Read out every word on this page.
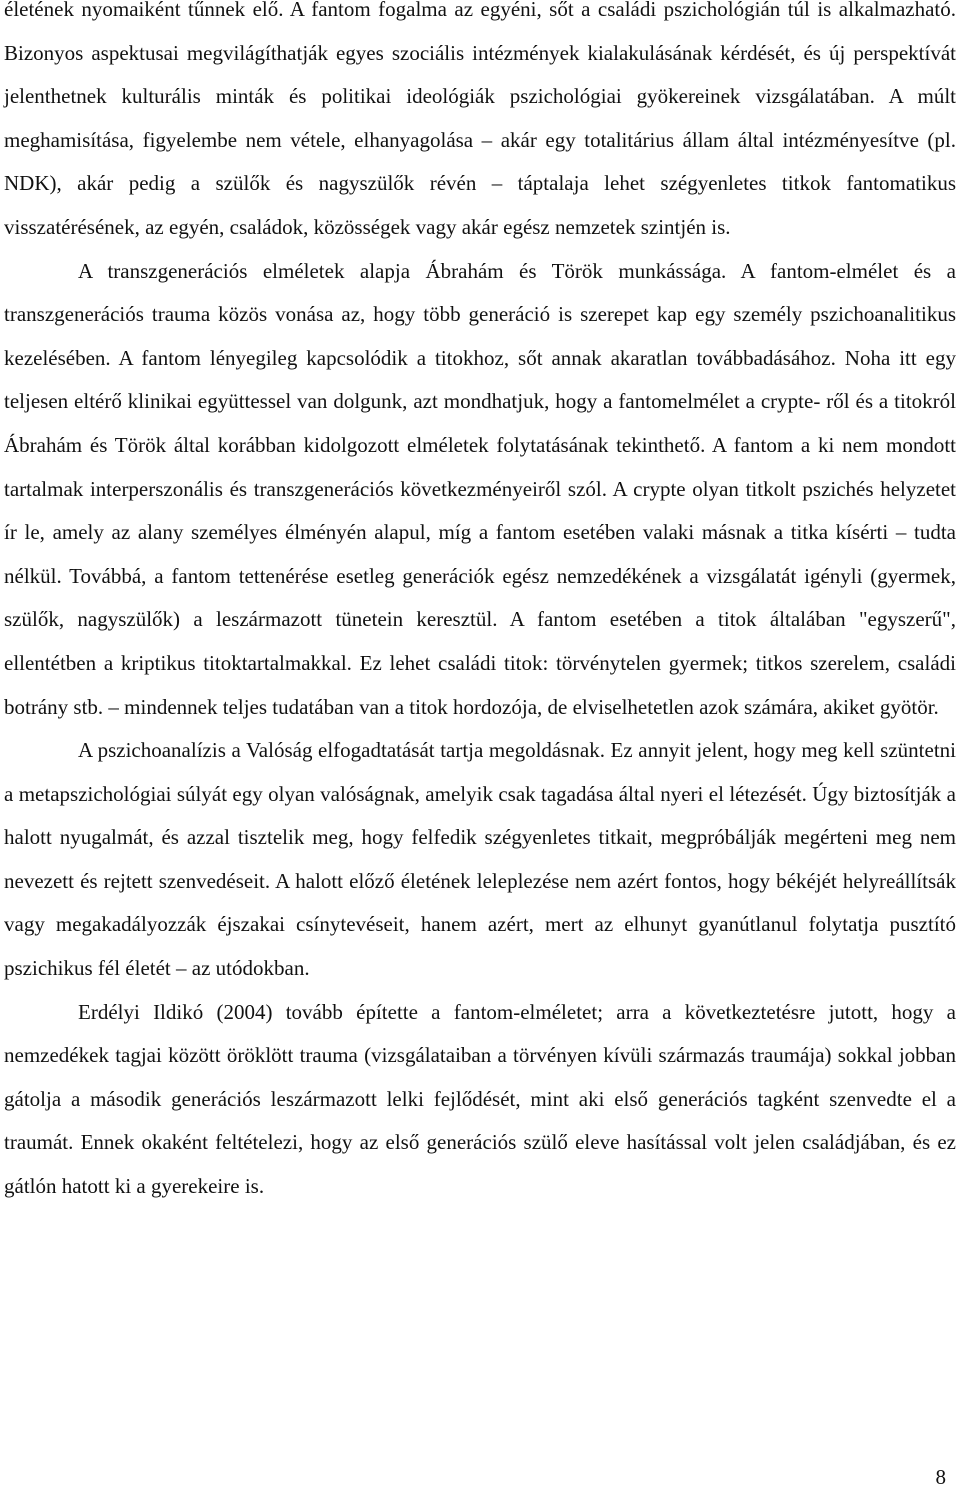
életének nyomaiként tűnnek elő. A fantom fogalma az egyéni, sőt a családi pszichológián túl is alkalmazható. Bizonyos aspektusai megvilágíthatják egyes szociális intézmények kialakulásának kérdését, és új perspektívát jelenthetnek kulturális minták és politikai ideológiák pszichológiai gyökereinek vizsgálatában. A múlt meghamisítása, figyelembe nem vétele, elhanyagolása – akár egy totalitárius állam által intézményesítve (pl. NDK), akár pedig a szülők és nagyszülők révén – táptalaja lehet szégyenletes titkok fantomatikus visszatérésének, az egyén, családok, közösségek vagy akár egész nemzetek szintjén is.

A transzgenerációs elméletek alapja Ábrahám és Török munkássága. A fantom-elmélet és a transzgenerációs trauma közös vonása az, hogy több generáció is szerepet kap egy személy pszichoanalitikus kezelésében. A fantom lényegileg kapcsolódik a titokhoz, sőt annak akaratlan továbbadásához. Noha itt egy teljesen eltérő klinikai együttessel van dolgunk, azt mondhatjuk, hogy a fantomelmélet a crypte- ről és a titokról Ábrahám és Török által korábban kidolgozott elméletek folytatásának tekinthető. A fantom a ki nem mondott tartalmak interperszonális és transzgenerációs következményeiről szól. A crypte olyan titkolt pszichés helyzetet ír le, amely az alany személyes élményén alapul, míg a fantom esetében valaki másnak a titka kísérti – tudta nélkül. Továbbá, a fantom tettenérése esetleg generációk egész nemzedékének a vizsgálatát igényli (gyermek, szülők, nagyszülők) a leszármazott tünetein keresztül. A fantom esetében a titok általában "egyszerű", ellentétben a kriptikus titoktartalmakkal. Ez lehet családi titok: törvénytelen gyermek; titkos szerelem, családi botrány stb. – mindennek teljes tudatában van a titok hordozója, de elviselhetetlen azok számára, akiket gyötör.

A pszichoanalízis a Valóság elfogadtatását tartja megoldásnak. Ez annyit jelent, hogy meg kell szüntetni a metapszichológiai súlyát egy olyan valóságnak, amelyik csak tagadása által nyeri el létezését. Úgy biztosítják a halott nyugalmát, és azzal tisztelik meg, hogy felfedik szégyenletes titkait, megpróbálják megérteni meg nem nevezett és rejtett szenvedéseit. A halott előző életének leleplezése nem azért fontos, hogy békéjét helyreállítsák vagy megakadályozzák éjszakai csínytevéseit, hanem azért, mert az elhunyt gyanútlanul folytatja pusztító pszichikus fél életét – az utódokban.

Erdélyi Ildikó (2004) tovább építette a fantom-elméletet; arra a következtetésre jutott, hogy a nemzedékek tagjai között öröklött trauma (vizsgálataiban a törvényen kívüli származás traumája) sokkal jobban gátolja a második generációs leszármazott lelki fejlődését, mint aki első generációs tagként szenvedte el a traumát. Ennek okaként feltételezi, hogy az első generációs szülő eleve hasítással volt jelen családjában, és ez gátlón hatott ki a gyerekeire is.

8
